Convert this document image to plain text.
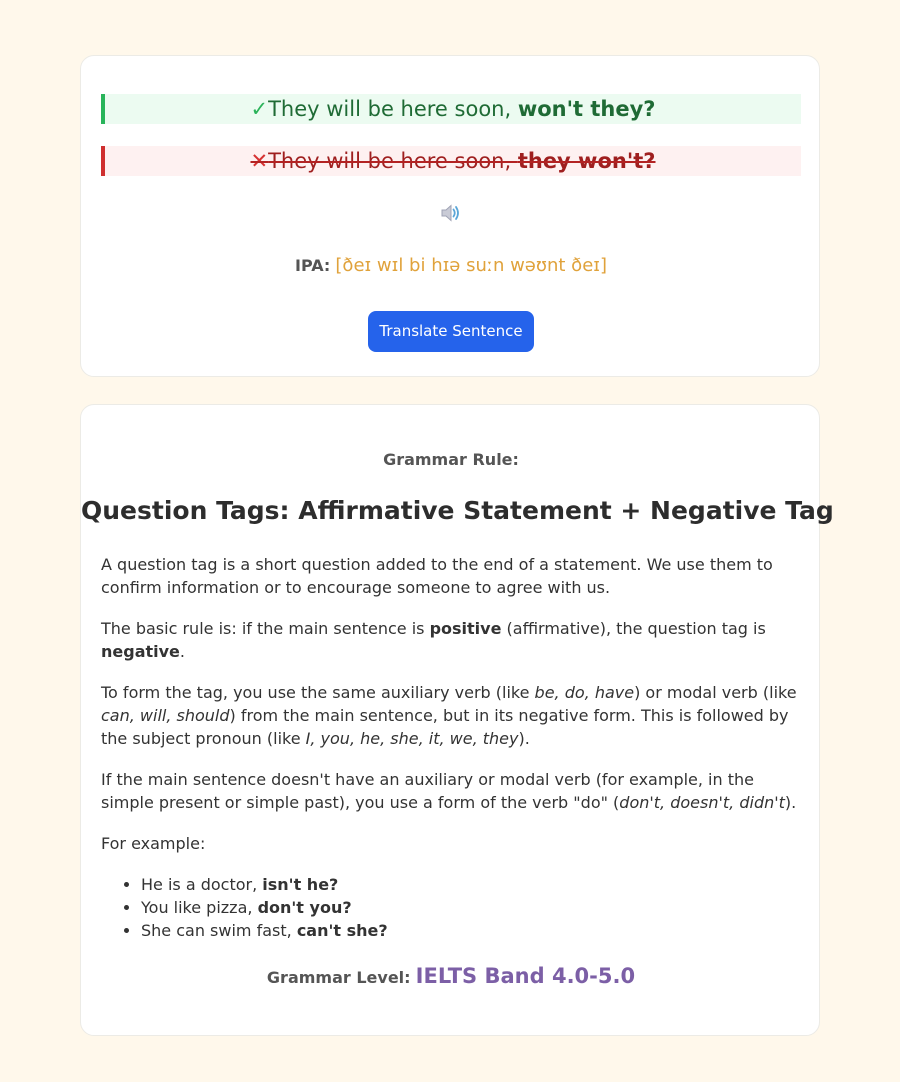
✓They will be here soon, won't they?
✕They will be here soon, they won't?
IPA: [ðeɪ wɪl bi hɪə suːn wəʊnt ðeɪ]
Translate Sentence
Grammar Rule:
Question Tags: Affirmative Statement + Negative Tag

A question tag is a short question added to the end of a statement. We use them to confirm information or to encourage someone to agree with us.

The basic rule is: if the main sentence is positive (affirmative), the question tag is negative.

To form the tag, you use the same auxiliary verb (like be, do, have) or modal verb (like can, will, should) from the main sentence, but in its negative form. This is followed by the subject pronoun (like I, you, he, she, it, we, they).

If the main sentence doesn't have an auxiliary or modal verb (for example, in the simple present or simple past), you use a form of the verb "do" (don't, doesn't, didn't).

For example:

• He is a doctor, isn't he?
• You like pizza, don't you?
• She can swim fast, can't she?
Grammar Level: IELTS Band 4.0-5.0
